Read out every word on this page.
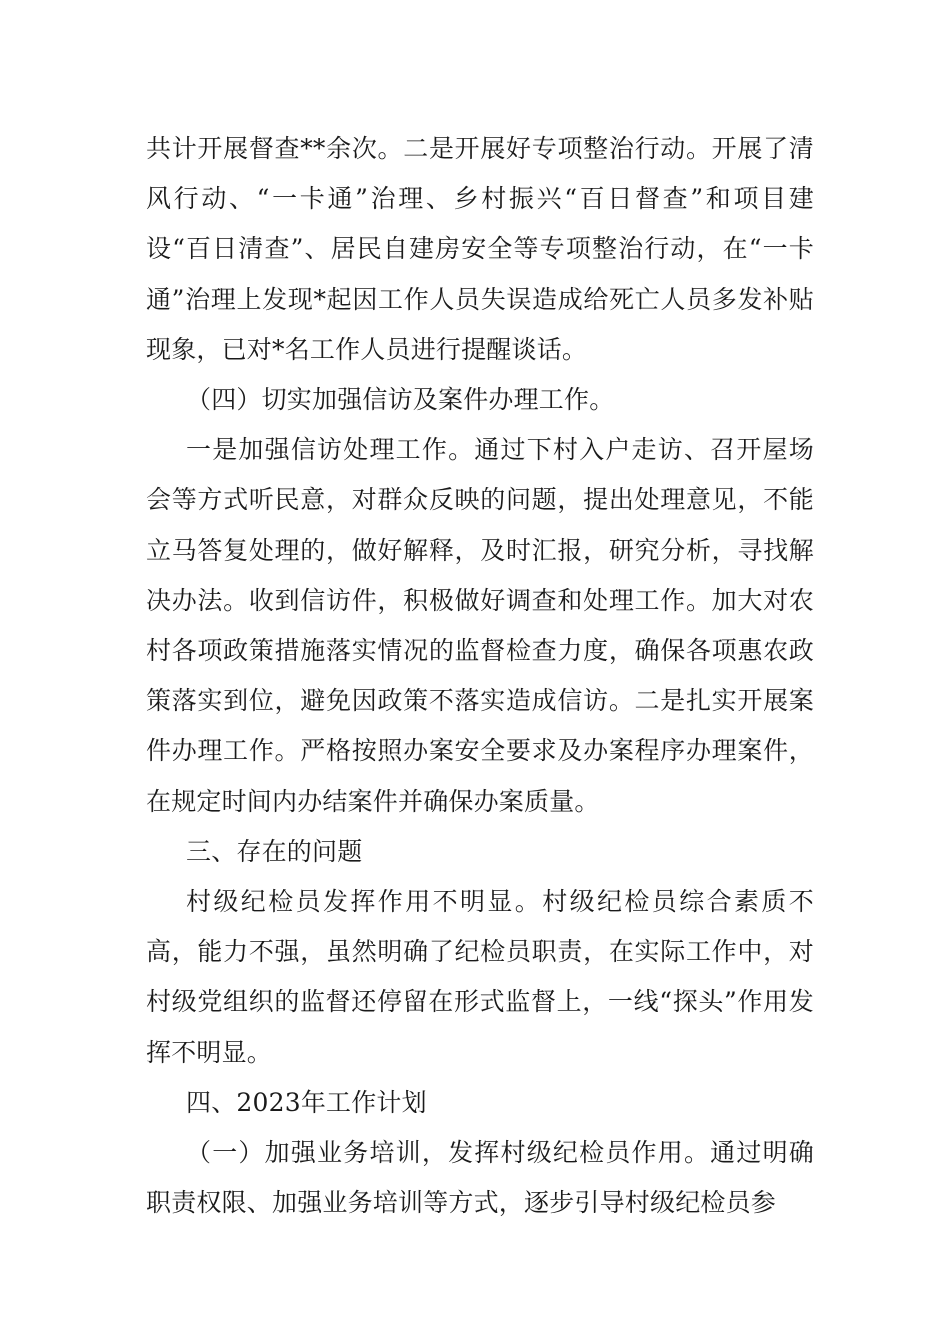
共计开展督查**余次。二是开展好专项整治行动。开展了清风行动、“一卡通”治理、乡村振兴“百日督查”和项目建设“百日清查”、居民自建房安全等专项整治行动，在“一卡通”治理上发现*起因工作人员失误造成给死亡人员多发补贴现象，已对*名工作人员进行提醒谈话。

（四）切实加强信访及案件办理工作。

一是加强信访处理工作。通过下村入户走访、召开屋场会等方式听民意，对群众反映的问题，提出处理意见，不能立马答复处理的，做好解释，及时汇报，研究分析，寻找解决办法。收到信访件，积极做好调查和处理工作。加大对农村各项政策措施落实情况的监督检查力度，确保各项惠农政策落实到位，避免因政策不落实造成信访。二是扎实开展案件办理工作。严格按照办案安全要求及办案程序办理案件，在规定时间内办结案件并确保办案质量。

三、存在的问题

村级纪检员发挥作用不明显。村级纪检员综合素质不高，能力不强，虽然明确了纪检员职责，在实际工作中，对村级党组织的监督还停留在形式监督上，一线“探头”作用发挥不明显。

四、2023年工作计划

（一）加强业务培训，发挥村级纪检员作用。通过明确职责权限、加强业务培训等方式，逐步引导村级纪检员参
